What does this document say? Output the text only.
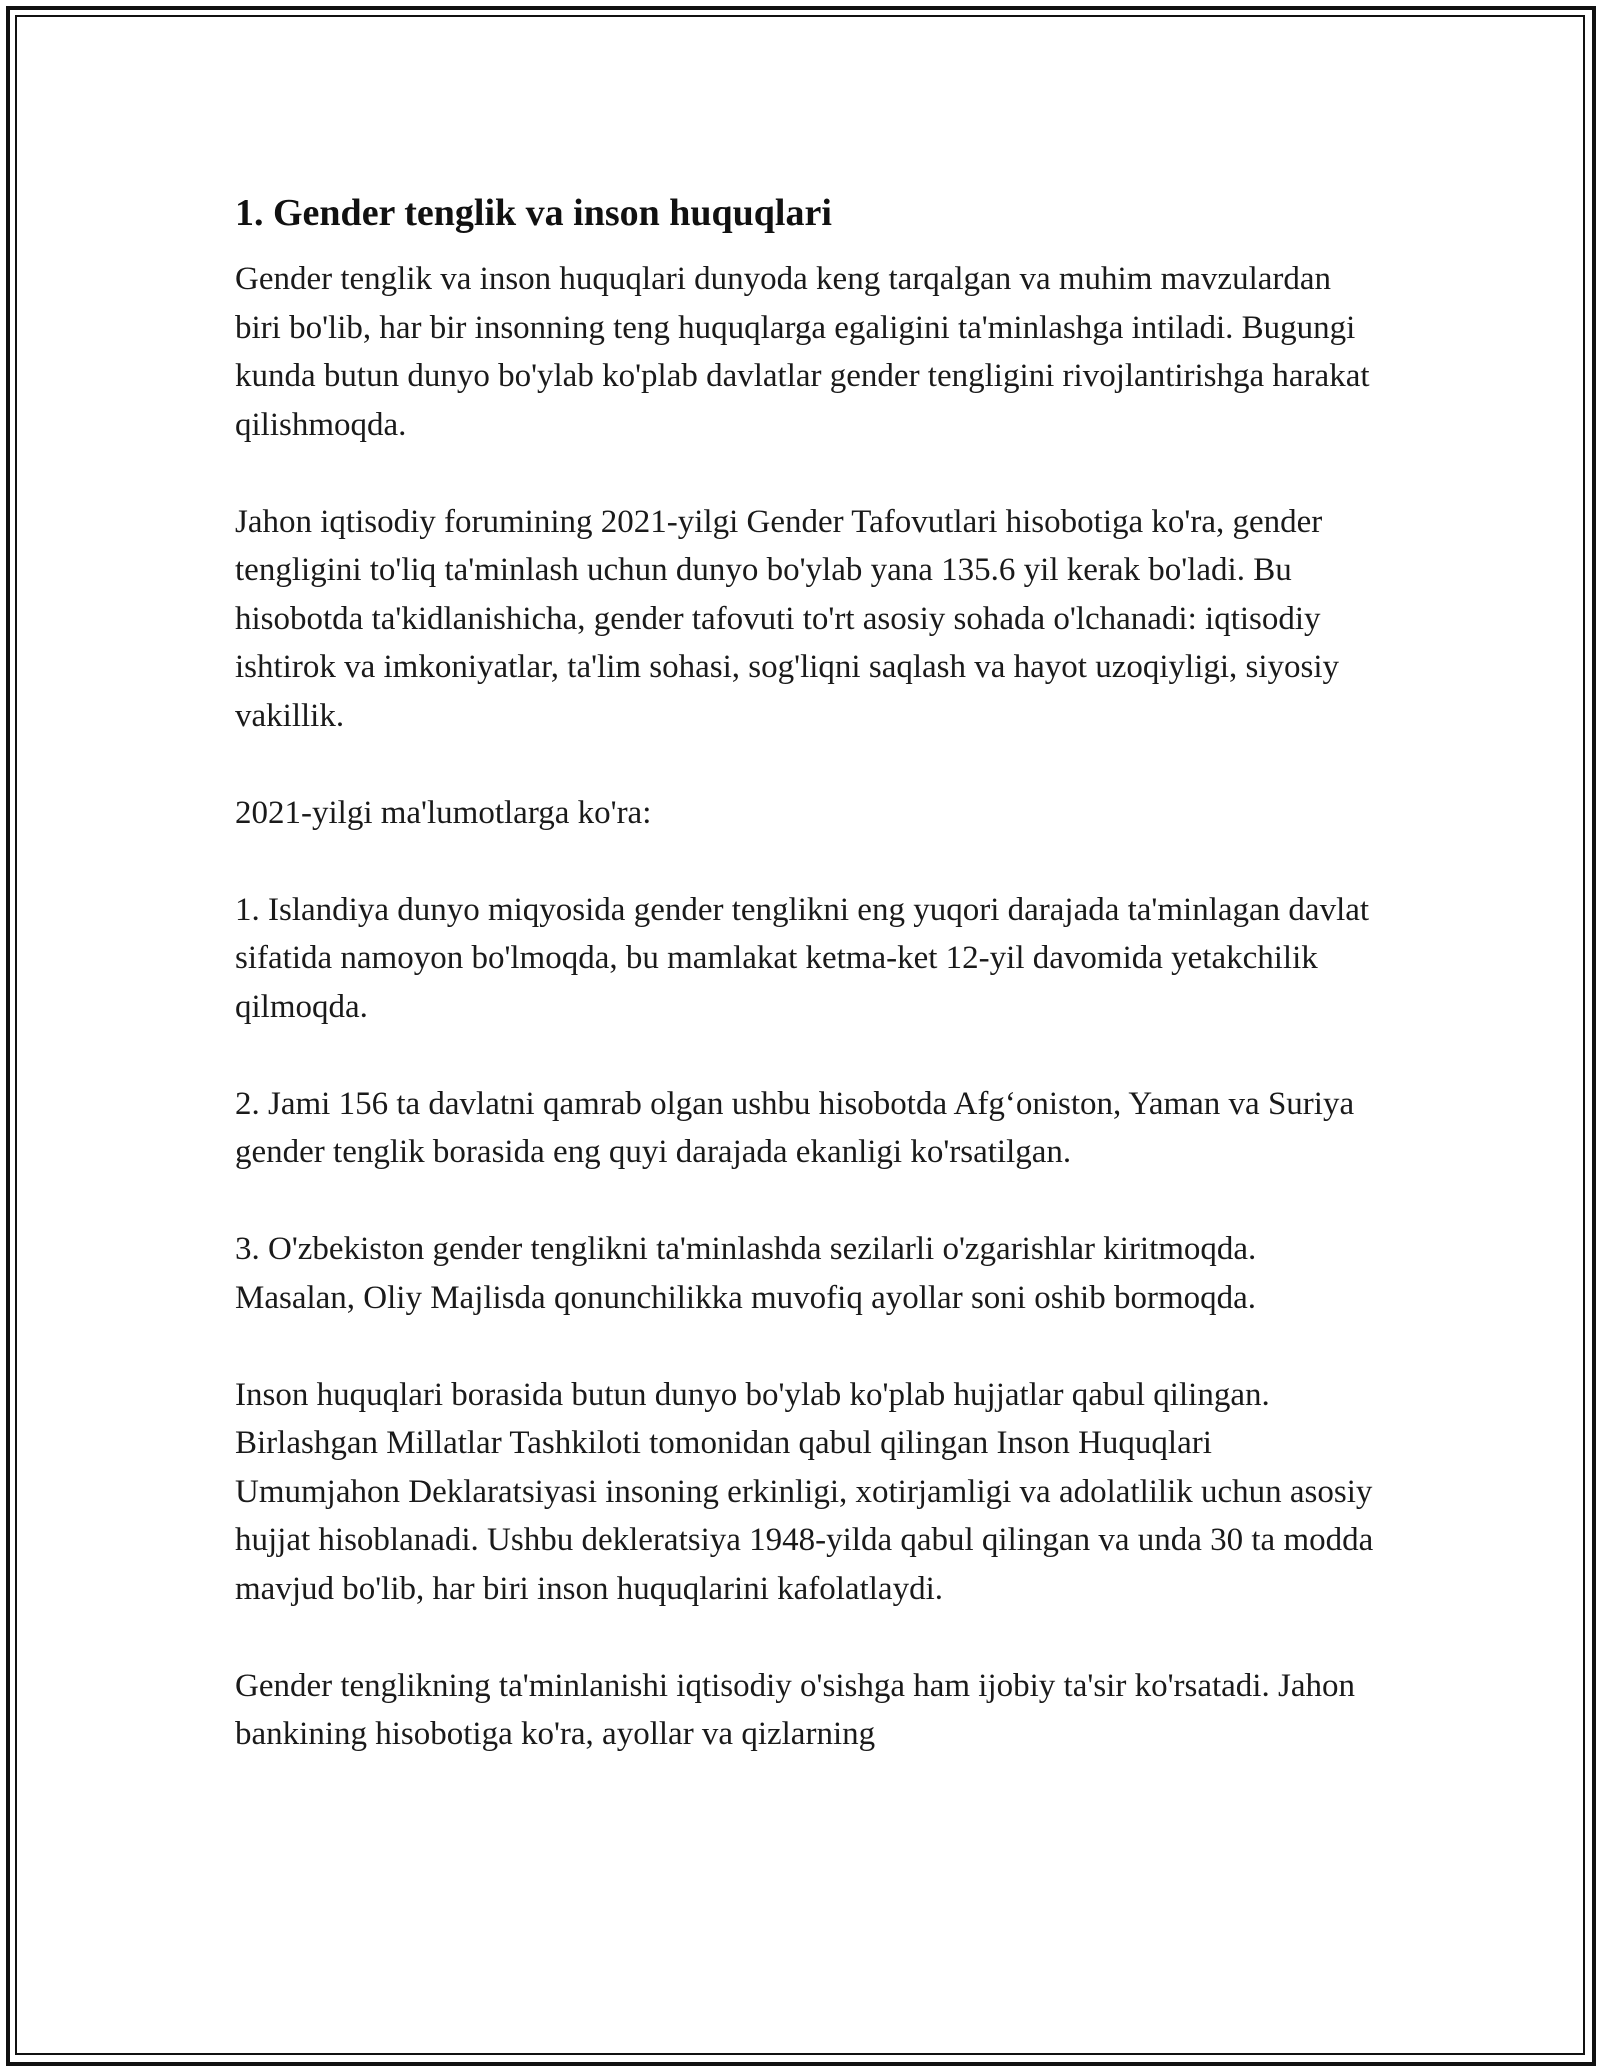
1. Gender tenglik va inson huquqlari

Gender tenglik va inson huquqlari dunyoda keng tarqalgan va muhim mavzulardan biri bo'lib, har bir insonning teng huquqlarga egaligini ta'minlashga intiladi. Bugungi kunda butun dunyo bo'ylab ko'plab davlatlar gender tengligini rivojlantirishga harakat qilishmoqda.

Jahon iqtisodiy forumining 2021-yilgi Gender Tafovutlari hisobotiga ko'ra, gender tengligini to'liq ta'minlash uchun dunyo bo'ylab yana 135.6 yil kerak bo'ladi. Bu hisobotda ta'kidlanishicha, gender tafovuti to'rt asosiy sohada o'lchanadi: iqtisodiy ishtirok va imkoniyatlar, ta'lim sohasi, sog'liqni saqlash va hayot uzoqiyligi, siyosiy vakillik.

2021-yilgi ma'lumotlarga ko'ra:

1. Islandiya dunyo miqyosida gender tenglikni eng yuqori darajada ta'minlagan davlat sifatida namoyon bo'lmoqda, bu mamlakat ketma-ket 12-yil davomida yetakchilik qilmoqda.

2. Jami 156 ta davlatni qamrab olgan ushbu hisobotda Afg‘oniston, Yaman va Suriya gender tenglik borasida eng quyi darajada ekanligi ko'rsatilgan.

3. O'zbekiston gender tenglikni ta'minlashda sezilarli o'zgarishlar kiritmoqda. Masalan, Oliy Majlisda qonunchilikka muvofiq ayollar soni oshib bormoqda.

Inson huquqlari borasida butun dunyo bo'ylab ko'plab hujjatlar qabul qilingan. Birlashgan Millatlar Tashkiloti tomonidan qabul qilingan Inson Huquqlari Umumjahon Deklaratsiyasi insoning erkinligi, xotirjamligi va adolatlilik uchun asosiy hujjat hisoblanadi. Ushbu dekleratsiya 1948-yilda qabul qilingan va unda 30 ta modda mavjud bo'lib, har biri inson huquqlarini kafolatlaydi.

Gender tenglikning ta'minlanishi iqtisodiy o'sishga ham ijobiy ta'sir ko'rsatadi. Jahon bankining hisobotiga ko'ra, ayollar va qizlarning
